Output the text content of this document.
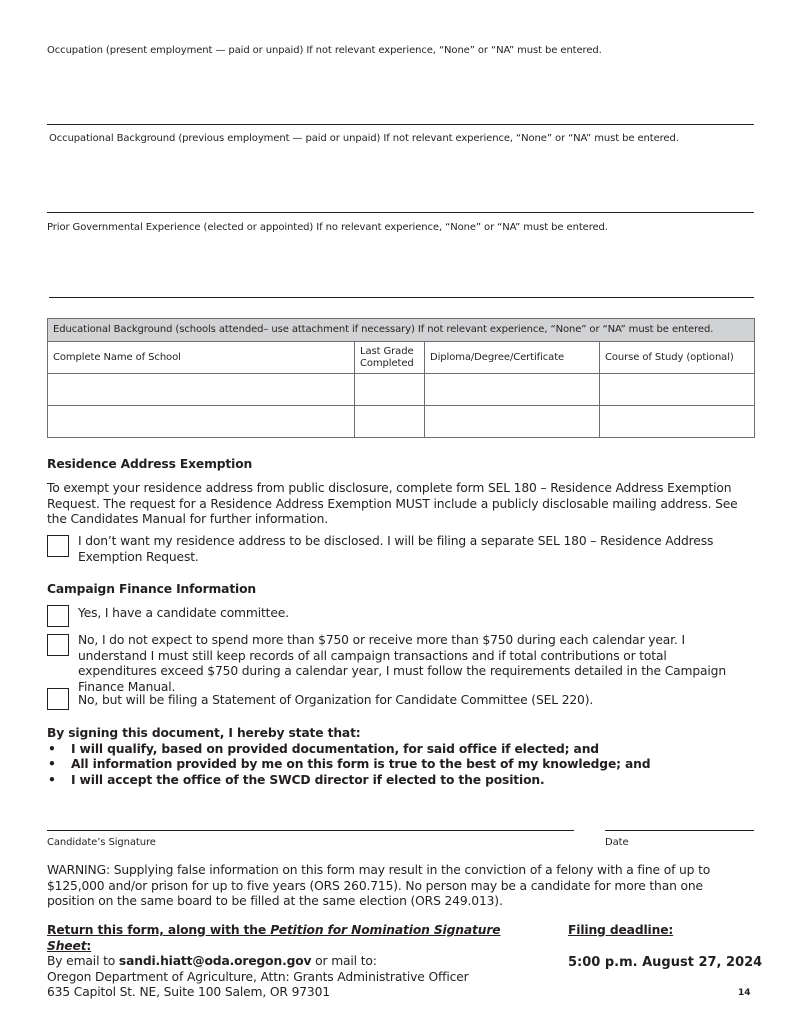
Occupation (present employment — paid or unpaid) If not relevant experience, “None” or “NA” must be entered.
Occupational Background (previous employment — paid or unpaid) If not relevant experience, “None” or “NA” must be entered.
Prior Governmental Experience (elected or appointed) If no relevant experience, “None” or “NA” must be entered.
Educational Background (schools attended– use attachment if necessary) If not relevant experience, “None” or “NA” must be entered.			
Complete Name of School	Last Grade Completed	Diploma/Degree/Certificate	Course of Study (optional)

Residence Address Exemption
To exempt your residence address from public disclosure, complete form SEL 180 – Residence Address Exemption Request. The request for a Residence Address Exemption MUST include a publicly disclosable mailing address. See the Candidates Manual for further information.
I don’t want my residence address to be disclosed. I will be filing a separate SEL 180 – Residence Address Exemption Request.
Campaign Finance Information
Yes, I have a candidate committee.
No, I do not expect to spend more than $750 or receive more than $750 during each calendar year. I understand I must still keep records of all campaign transactions and if total contributions or total expenditures exceed $750 during a calendar year, I must follow the requirements detailed in the Campaign Finance Manual.
No, but will be filing a Statement of Organization for Candidate Committee (SEL 220).
By signing this document, I hereby state that:
• I will qualify, based on provided documentation, for said office if elected; and
• All information provided by me on this form is true to the best of my knowledge; and
• I will accept the office of the SWCD director if elected to the position.
Candidate’s Signature	Date
WARNING: Supplying false information on this form may result in the conviction of a felony with a fine of up to $125,000 and/or prison for up to five years (ORS 260.715). No person may be a candidate for more than one position on the same board to be filled at the same election (ORS 249.013).
Return this form, along with the Petition for Nomination Signature Sheet:
By email to sandi.hiatt@oda.oregon.gov or mail to:
Oregon Department of Agriculture, Attn: Grants Administrative Officer
635 Capitol St. NE, Suite 100 Salem, OR 97301
Filing deadline:
5:00 p.m. August 27, 2024
14
